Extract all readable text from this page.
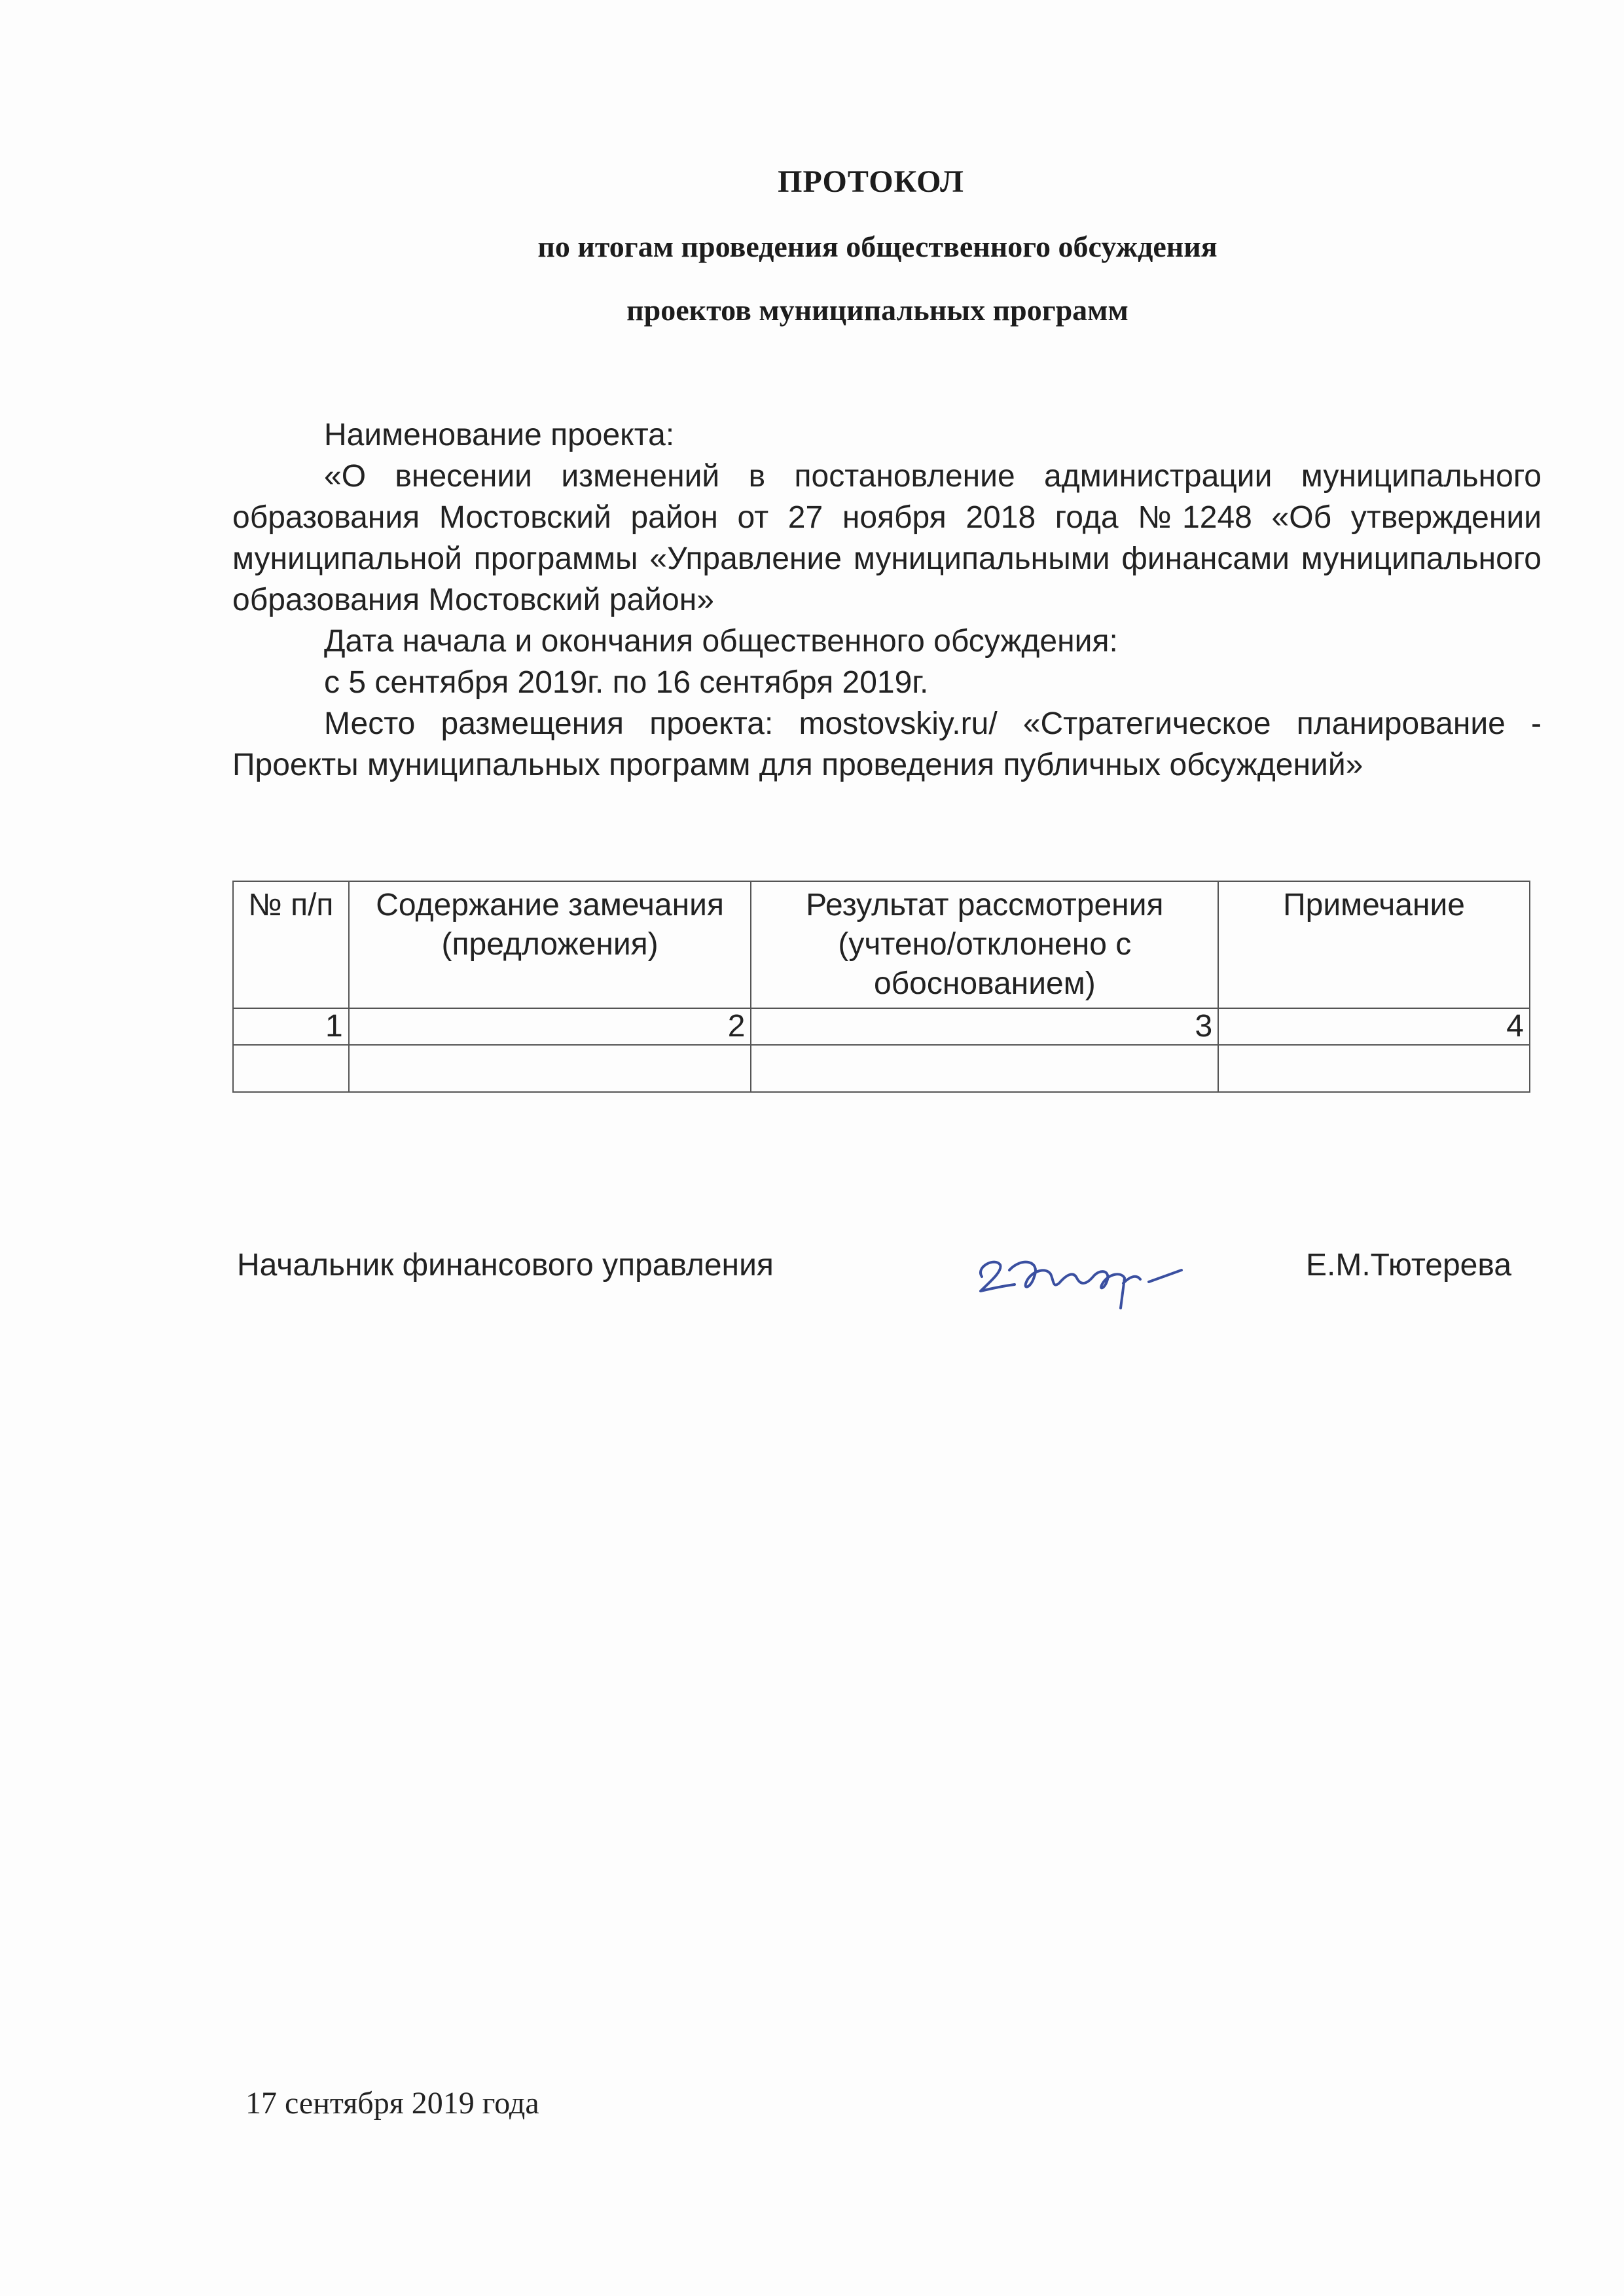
ПРОТОКОЛ
по итогам проведения общественного обсуждения
проектов муниципальных программ

Наименование проекта:

«О внесении изменений в постановление администрации муниципального образования Мостовский район от 27 ноября 2018 года №1248 «Об утверждении муниципальной программы «Управление муниципальными финансами муниципального образования Мостовский район»

Дата начала и окончания общественного обсуждения:

с 5 сентября 2019г. по 16 сентября 2019г.

Место размещения проекта: mostovskiy.ru/ «Стратегическое планирование - Проекты муниципальных программ для проведения публичных обсуждений»

№ п/п	Содержание замечания (предложения)	Результат рассмотрения (учтено/отклонено с обоснованием)	Примечание
1	2	3	4

Начальник финансового управления	Е.М.Тютерева
17 сентября 2019 года
